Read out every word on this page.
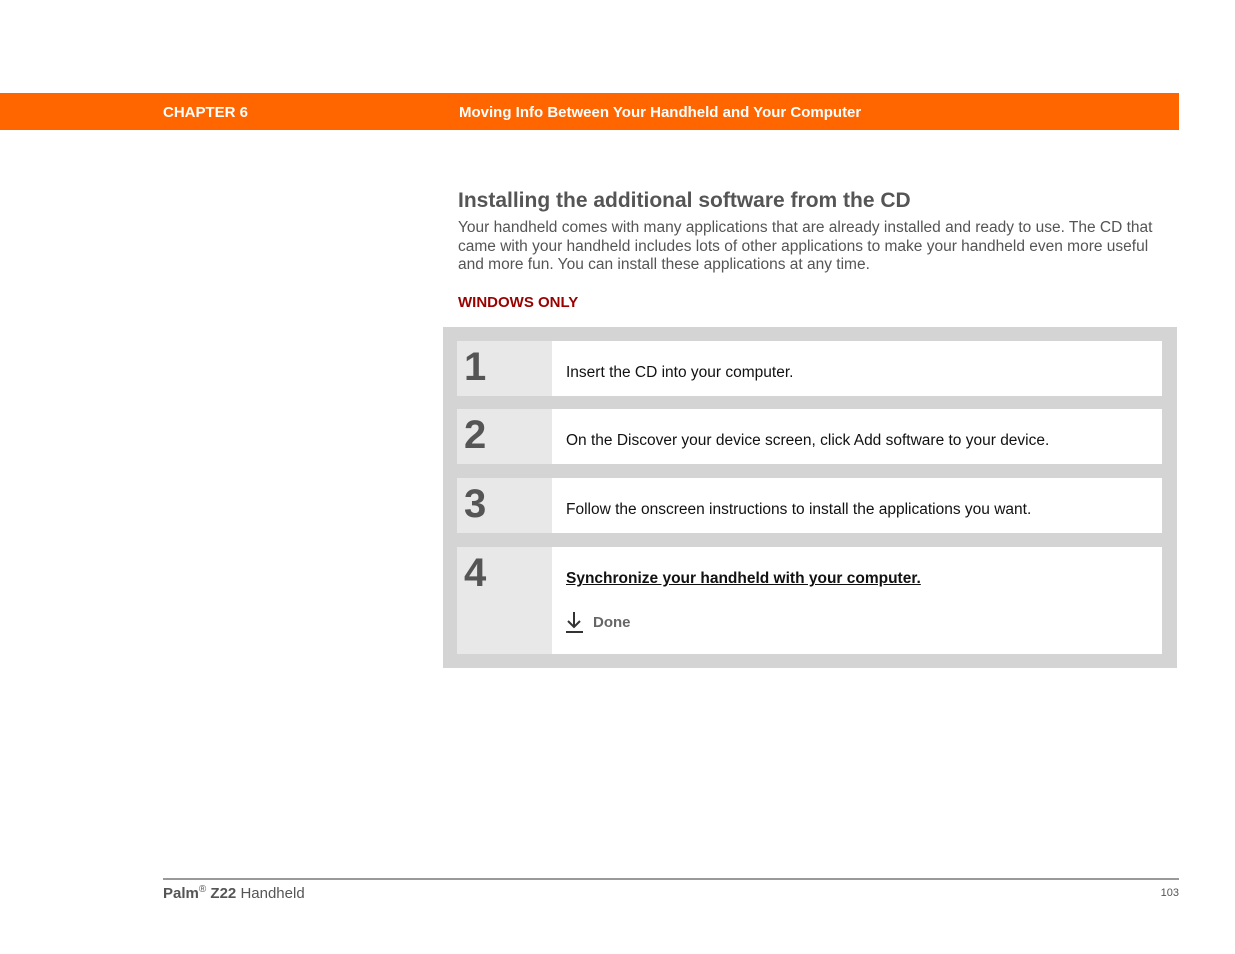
CHAPTER 6	Moving Info Between Your Handheld and Your Computer
Installing the additional software from the CD

Your handheld comes with many applications that are already installed and ready to use. The CD that came with your handheld includes lots of other applications to make your handheld even more useful and more fun. You can install these applications at any time.

WINDOWS ONLY
1	Insert the CD into your computer.
2	On the Discover your device screen, click Add software to your device.
3	Follow the onscreen instructions to install the applications you want.
4	Synchronize your handheld with your computer.
Done
Palm® Z22 Handheld	103
